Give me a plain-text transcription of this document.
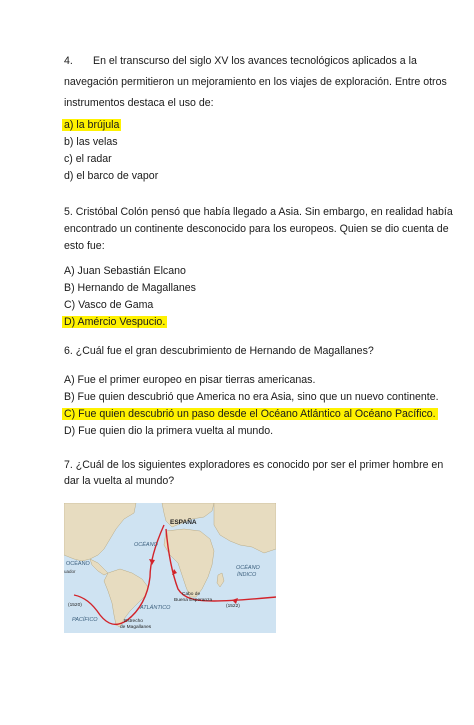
4. En el transcurso del siglo XV los avances tecnológicos aplicados a la
navegación permitieron un mejoramiento en los viajes de exploración. Entre otros
instrumentos destaca el uso de:
a) la brújula
b) las velas
c) el radar
d) el barco de vapor
5. Cristóbal Colón pensó que había llegado a Asia. Sin embargo, en realidad había
encontrado un continente desconocido para los europeos. Quien se dio cuenta de
esto fue:
A) Juan Sebastián Elcano
B) Hernando de Magallanes
C) Vasco de Gama
D) Amércio Vespucio.
6. ¿Cuál fue el gran descubrimiento de Hernando de Magallanes?
A) Fue el primer europeo en pisar tierras americanas.
B) Fue quien descubrió que America no era Asia, sino que un nuevo continente.
C) Fue quien descubrió un paso desde el Océano Atlántico al Océano Pacífico.
D) Fue quien dio la primera vuelta al mundo.
7. ¿Cuál de los siguientes exploradores es conocido por ser el primer hombre en
dar la vuelta al mundo?
ESPAÑA
OCÉANO
uador
OCÉANO
OCÉANO
ÍNDICO
ATLÁNTICO
PACÍFICO
Cabo de
Buena Esperanza
(1522)
(1520)
Estrecho
de Magallanes
